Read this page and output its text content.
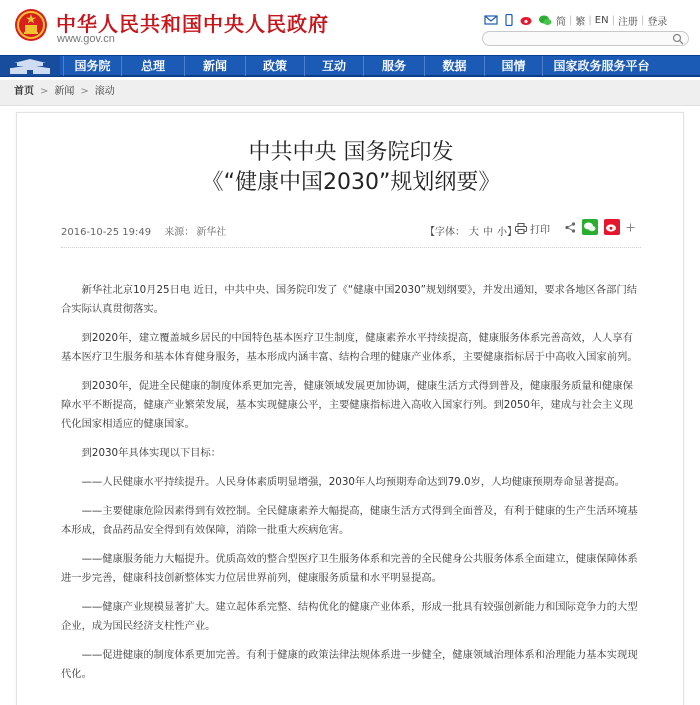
中华人民共和国中央人民政府
www.gov.cn
简 | 繁 | EN | 注册 | 登录
国务院	总理	新闻	政策	互动	服务	数据	国情	国家政务服务平台
首页 > 新闻 > 滚动
中共中央 国务院印发
《“健康中国2030”规划纲要》
2016-10-25 19:49 来源： 新华社	【字体： 大 中 小】 打印

新华社北京10月25日电 近日，中共中央、国务院印发了《“健康中国2030”规划纲要》，并发出通知，要求各地区各部门结合实际认真贯彻落实。

到2020年，建立覆盖城乡居民的中国特色基本医疗卫生制度，健康素养水平持续提高，健康服务体系完善高效，人人享有基本医疗卫生服务和基本体育健身服务，基本形成内涵丰富、结构合理的健康产业体系，主要健康指标居于中高收入国家前列。

到2030年，促进全民健康的制度体系更加完善，健康领域发展更加协调，健康生活方式得到普及，健康服务质量和健康保障水平不断提高，健康产业繁荣发展，基本实现健康公平，主要健康指标进入高收入国家行列。到2050年，建成与社会主义现代化国家相适应的健康国家。

到2030年具体实现以下目标：

——人民健康水平持续提升。人民身体素质明显增强，2030年人均预期寿命达到79.0岁，人均健康预期寿命显著提高。

——主要健康危险因素得到有效控制。全民健康素养大幅提高，健康生活方式得到全面普及，有利于健康的生产生活环境基本形成，食品药品安全得到有效保障，消除一批重大疾病危害。

——健康服务能力大幅提升。优质高效的整合型医疗卫生服务体系和完善的全民健身公共服务体系全面建立，健康保障体系进一步完善，健康科技创新整体实力位居世界前列，健康服务质量和水平明显提高。

——健康产业规模显著扩大。建立起体系完整、结构优化的健康产业体系，形成一批具有较强创新能力和国际竞争力的大型企业，成为国民经济支柱性产业。

——促进健康的制度体系更加完善。有利于健康的政策法律法规体系进一步健全，健康领域治理体系和治理能力基本实现现代化。
